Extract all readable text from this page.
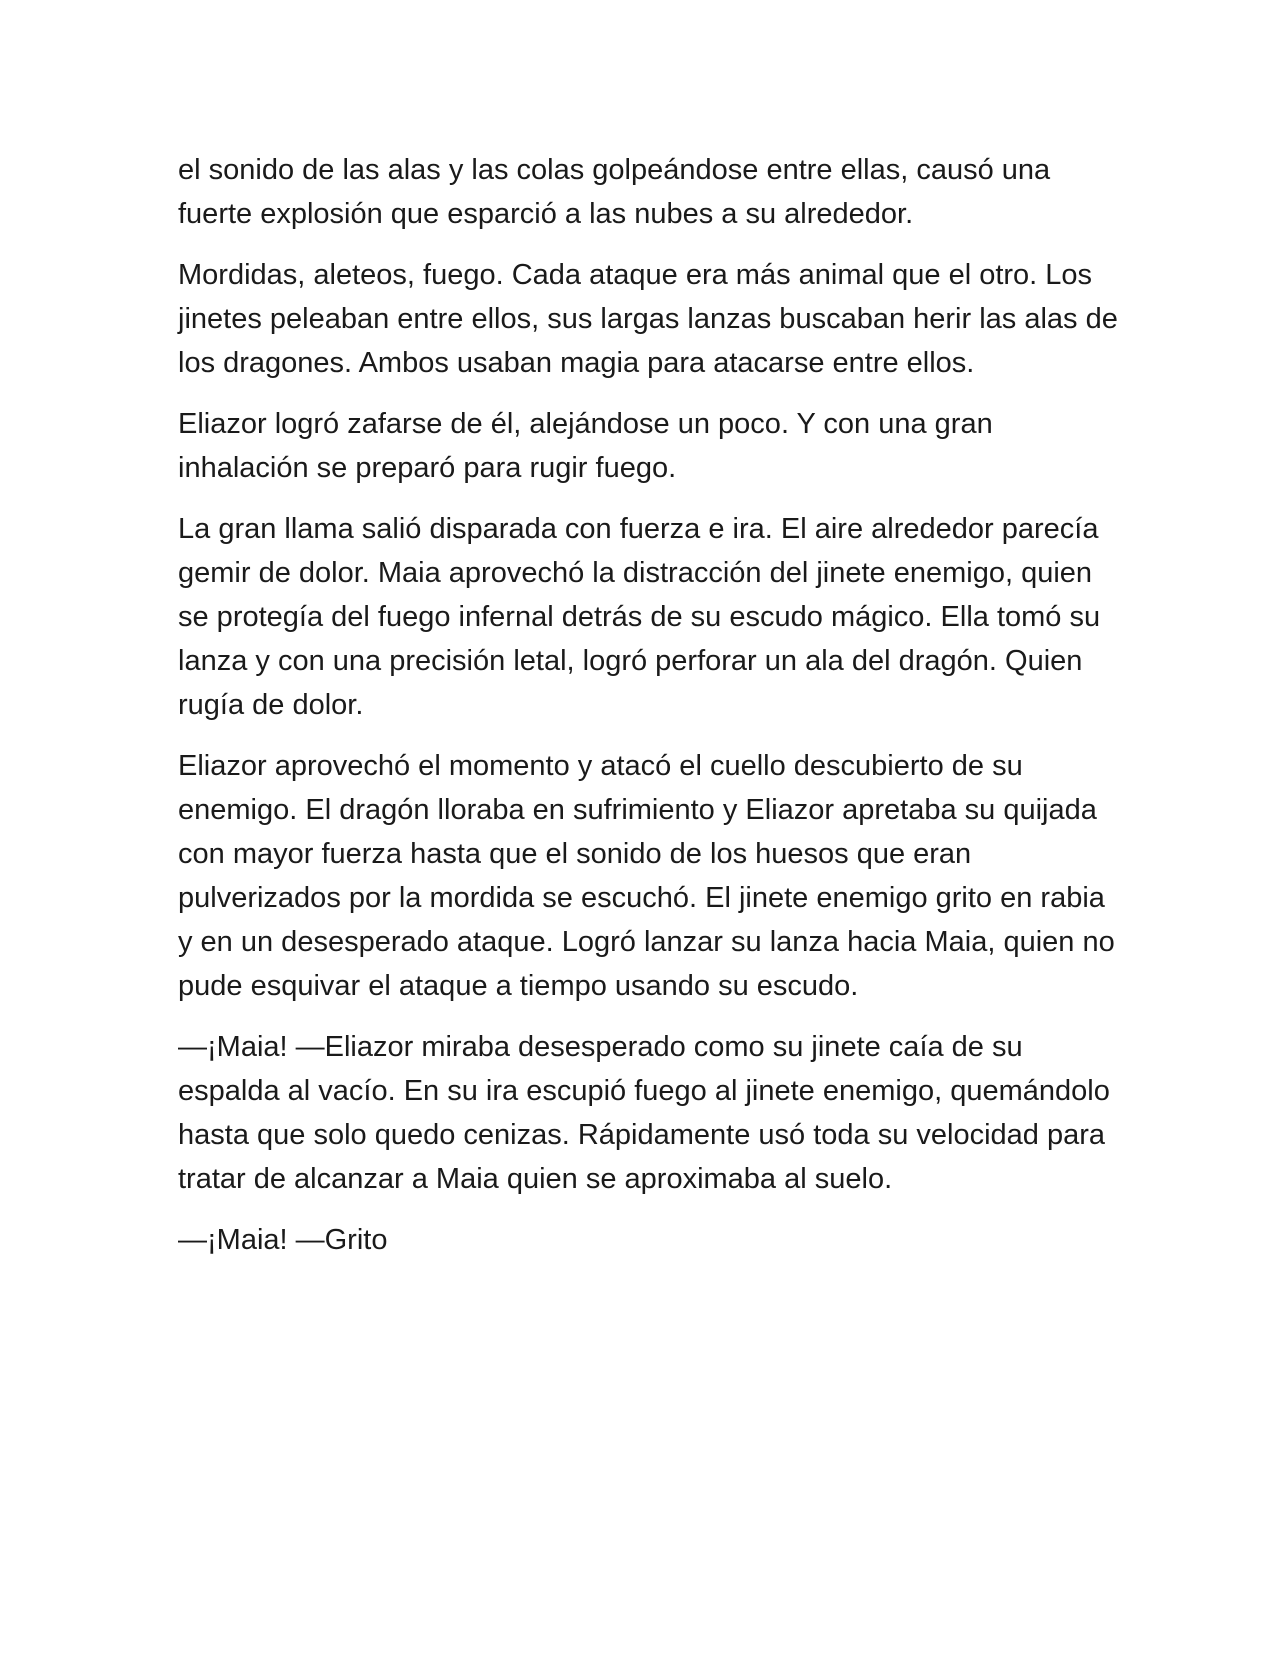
el sonido de las alas y las colas golpeándose entre ellas, causó una fuerte explosión que esparció a las nubes a su alrededor.

Mordidas, aleteos, fuego. Cada ataque era más animal que el otro. Los jinetes peleaban entre ellos, sus largas lanzas buscaban herir las alas de los dragones. Ambos usaban magia para atacarse entre ellos.

Eliazor logró zafarse de él, alejándose un poco. Y con una gran inhalación se preparó para rugir fuego.

La gran llama salió disparada con fuerza e ira. El aire alrededor parecía gemir de dolor. Maia aprovechó la distracción del jinete enemigo, quien se protegía del fuego infernal detrás de su escudo mágico. Ella tomó su lanza y con una precisión letal, logró perforar un ala del dragón. Quien rugía de dolor.

Eliazor aprovechó el momento y atacó el cuello descubierto de su enemigo. El dragón lloraba en sufrimiento y Eliazor apretaba su quijada con mayor fuerza hasta que el sonido de los huesos que eran pulverizados por la mordida se escuchó. El jinete enemigo grito en rabia y en un desesperado ataque. Logró lanzar su lanza hacia Maia, quien no pude esquivar el ataque a tiempo usando su escudo.

—¡Maia! —Eliazor miraba desesperado como su jinete caía de su espalda al vacío. En su ira escupió fuego al jinete enemigo, quemándolo hasta que solo quedo cenizas. Rápidamente usó toda su velocidad para tratar de alcanzar a Maia quien se aproximaba al suelo.

—¡Maia! —Grito
